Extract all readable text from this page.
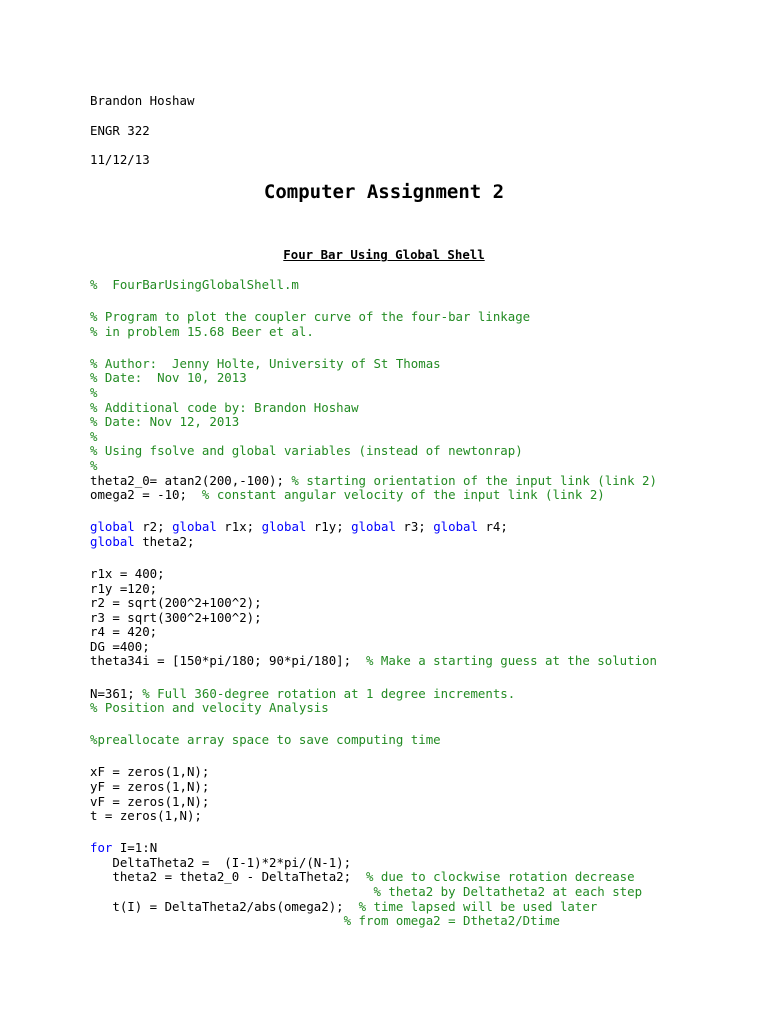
Brandon Hoshaw
ENGR 322
11/12/13
Computer Assignment 2
Four Bar Using Global Shell
%  FourBarUsingGlobalShell.m
% Program to plot the coupler curve of the four-bar linkage
% in problem 15.68 Beer et al.
% Author:  Jenny Holte, University of St Thomas
% Date:  Nov 10, 2013
%
% Additional code by: Brandon Hoshaw
% Date: Nov 12, 2013
%
% Using fsolve and global variables (instead of newtonrap)
%
theta2_0= atan2(200,-100); % starting orientation of the input link (link 2)
omega2 = -10;  % constant angular velocity of the input link (link 2)
global r2; global r1x; global r1y; global r3; global r4;
global theta2;
r1x = 400;
r1y =120;
r2 = sqrt(200^2+100^2);
r3 = sqrt(300^2+100^2);
r4 = 420;
DG =400;
theta34i = [150*pi/180; 90*pi/180];  % Make a starting guess at the solution
N=361; % Full 360-degree rotation at 1 degree increments.
% Position and velocity Analysis
%preallocate array space to save computing time
xF = zeros(1,N);
yF = zeros(1,N);
vF = zeros(1,N);
t = zeros(1,N);
for I=1:N
DeltaTheta2 =  (I-1)*2*pi/(N-1);
theta2 = theta2_0 - DeltaTheta2;  % due to clockwise rotation decrease
% theta2 by Deltatheta2 at each step
t(I) = DeltaTheta2/abs(omega2);  % time lapsed will be used later
% from omega2 = Dtheta2/Dtime
